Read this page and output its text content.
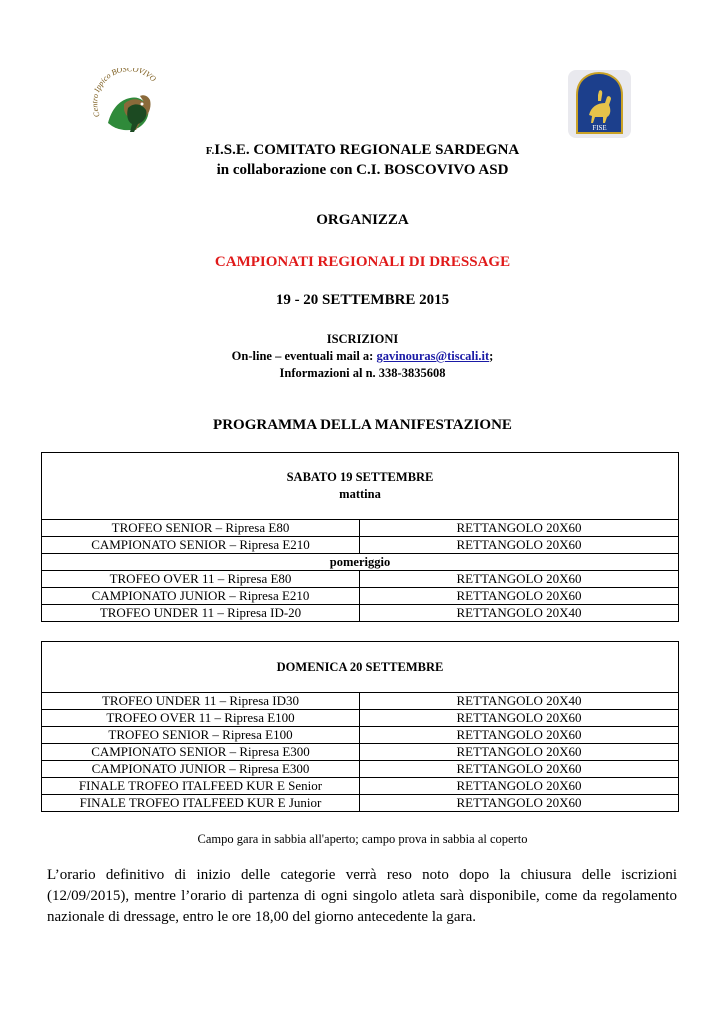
Centro Ippico BOSCOVIVO
FISE
F.I.S.E. COMITATO REGIONALE SARDEGNA
in collaborazione con C.I. BOSCOVIVO ASD
ORGANIZZA
CAMPIONATI REGIONALI DI DRESSAGE
19 - 20 SETTEMBRE 2015
ISCRIZIONI
On-line – eventuali mail a: gavinouras@tiscali.it;
Informazioni al n. 338-3835608
PROGRAMMA DELLA MANIFESTAZIONE
SABATO 19 SETTEMBRE
mattina	

TROFEO SENIOR – Ripresa E80	RETTANGOLO 20X60
CAMPIONATO SENIOR – Ripresa E210	RETTANGOLO 20X60
pomeriggio	
TROFEO OVER 11 – Ripresa E80	RETTANGOLO 20X60
CAMPIONATO JUNIOR – Ripresa E210	RETTANGOLO 20X60
TROFEO UNDER 11 – Ripresa ID-20	RETTANGOLO 20X40
DOMENICA 20 SETTEMBRE	

TROFEO UNDER 11 – Ripresa ID30	RETTANGOLO 20X40
TROFEO OVER 11 – Ripresa E100	RETTANGOLO 20X60
TROFEO SENIOR – Ripresa E100	RETTANGOLO 20X60
CAMPIONATO SENIOR – Ripresa E300	RETTANGOLO 20X60
CAMPIONATO JUNIOR – Ripresa E300	RETTANGOLO 20X60
FINALE TROFEO ITALFEED KUR E Senior	RETTANGOLO 20X60
FINALE TROFEO ITALFEED KUR E Junior	RETTANGOLO 20X60
Campo gara in sabbia all'aperto; campo prova in sabbia al coperto
L’orario definitivo di inizio delle categorie verrà reso noto dopo la chiusura delle iscrizioni (12/09/2015), mentre l’orario di partenza di ogni singolo atleta sarà disponibile, come da regolamento nazionale di dressage, entro le ore 18,00 del giorno antecedente la gara.
